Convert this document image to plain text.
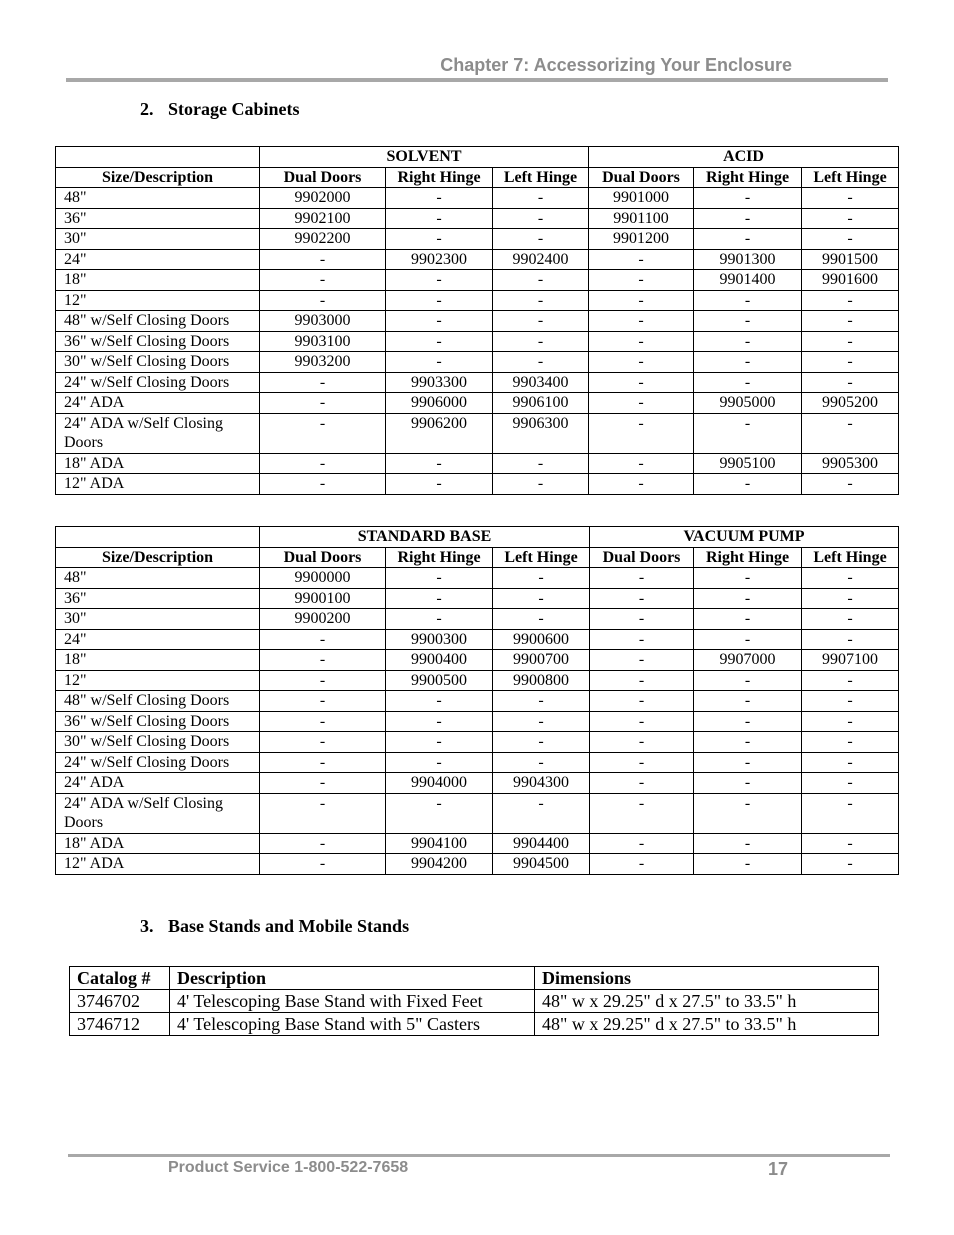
Chapter 7: Accessorizing Your Enclosure
2. Storage Cabinets
	SOLVENT			ACID		
Size/Description	Dual Doors	Right Hinge	Left Hinge	Dual Doors	Right Hinge	Left Hinge
48"	9902000	-	-	9901000	-	-
36"	9902100	-	-	9901100	-	-
30"	9902200	-	-	9901200	-	-
24"	-	9902300	9902400	-	9901300	9901500
18"	-	-	-	-	9901400	9901600
12"	-	-	-	-	-	-
48" w/Self Closing Doors	9903000	-	-	-	-	-
36" w/Self Closing Doors	9903100	-	-	-	-	-
30" w/Self Closing Doors	9903200	-	-	-	-	-
24" w/Self Closing Doors	-	9903300	9903400	-	-	-
24" ADA	-	9906000	9906100	-	9905000	9905200
24" ADA w/Self Closing Doors	-	9906200	9906300	-	-	-
18" ADA	-	-	-	-	9905100	9905300
12" ADA	-	-	-	-	-	-
	STANDARD BASE			VACUUM PUMP		
Size/Description	Dual Doors	Right Hinge	Left Hinge	Dual Doors	Right Hinge	Left Hinge
48"	9900000	-	-	-	-	-
36"	9900100	-	-	-	-	-
30"	9900200	-	-	-	-	-
24"	-	9900300	9900600	-	-	-
18"	-	9900400	9900700	-	9907000	9907100
12"	-	9900500	9900800	-	-	-
48" w/Self Closing Doors	-	-	-	-	-	-
36" w/Self Closing Doors	-	-	-	-	-	-
30" w/Self Closing Doors	-	-	-	-	-	-
24" w/Self Closing Doors	-	-	-	-	-	-
24" ADA	-	9904000	9904300	-	-	-
24" ADA w/Self Closing Doors	-	-	-	-	-	-
18" ADA	-	9904100	9904400	-	-	-
12" ADA	-	9904200	9904500	-	-	-
3. Base Stands and Mobile Stands
Catalog #	Description	Dimensions
3746702	4' Telescoping Base Stand with Fixed Feet	48" w x 29.25" d x 27.5" to 33.5" h
3746712	4' Telescoping Base Stand with 5" Casters	48" w x 29.25" d x 27.5" to 33.5" h
Product Service 1-800-522-7658	17
